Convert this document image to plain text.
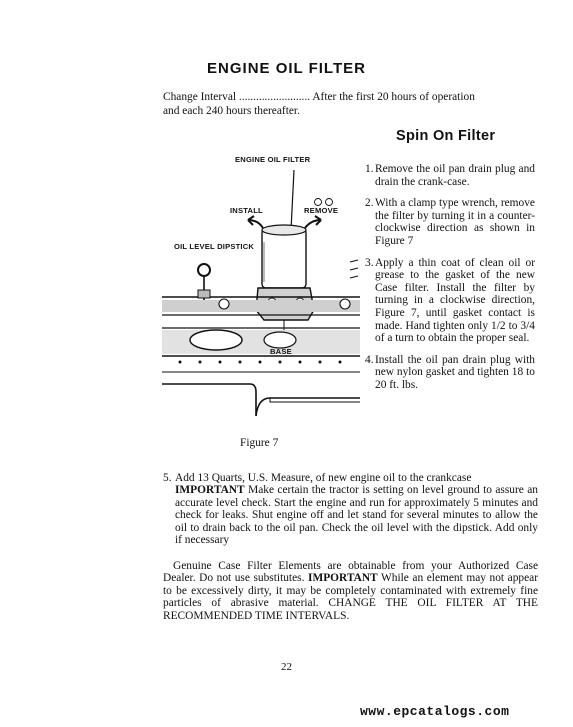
ENGINE OIL FILTER
Change Interval ......................... After the first 20 hours of operation
and each 240 hours thereafter.
Spin On Filter
ENGINE OIL FILTER
INSTALL	REMOVE
OIL LEVEL DIPSTICK
BASE
Figure 7
1. Remove the oil pan drain plug and drain the crank-case.
2. With a clamp type wrench, remove the filter by turning it in a counter-clockwise direction as shown in Figure 7
3. Apply a thin coat of clean oil or grease to the gasket of the new Case filter. Install the filter by turning in a clockwise direction, Figure 7, until gasket contact is made. Hand tighten only 1/2 to 3/4 of a turn to obtain the proper seal.
4. Install the oil pan drain plug with new nylon gasket and tighten 18 to 20 ft. lbs.
5. Add 13 Quarts, U.S. Measure, of new engine oil to the crankcase
IMPORTANT Make certain the tractor is setting on level ground to assure an accurate level check. Start the engine and run for approximately 5 minutes and check for leaks. Shut engine off and let stand for several minutes to allow the oil to drain back to the oil pan. Check the oil level with the dipstick. Add only if necessary

Genuine Case Filter Elements are obtainable from your Authorized Case Dealer. Do not use substitutes. IMPORTANT While an element may not appear to be excessively dirty, it may be completely contaminated with extremely fine particles of abrasive material. CHANGE THE OIL FILTER AT THE RECOMMENDED TIME INTERVALS.

22
www.epcatalogs.com
